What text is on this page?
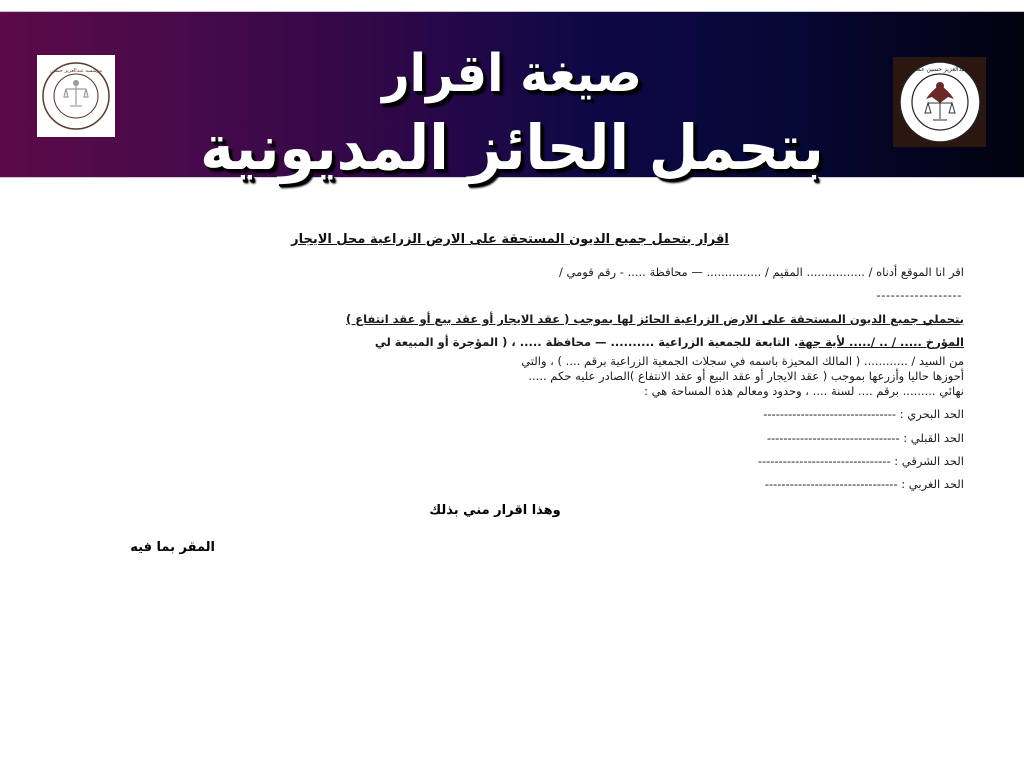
مؤسسة عبدالعزيز حسين	صيغة اقرار
بتحمل الحائز المديونية
عبدالعزيز حسين عمار
اقرار بتحمل جميع الديون المستحقة على الارض الزراعية محل الايجار
اقر انا الموقع أدناه / ................ المقيم / ............... — محافظة ..... - رقم قومي /
------------------
بتحملي جميع الديون المستحقة على الارض الزراعية الحائز لها بموجب ( عقد الايجار أو عقد بيع أو عقد انتفاع )
المؤرخ ..... / .. /..... لأية جهة. التابعة للجمعية الزراعية .......... — محافظة ..... ، ( المؤجرة أو المبيعة لي
من السيد / ............ ( المالك المحيزة باسمه في سجلات الجمعية الزراعية برقم .... ) ، والتي
أحوزها حاليا وأزرعها بموجب ( عقد الايجار أو عقد البيع أو عقد الانتفاع )الصادر عليه حكم .....
نهائي ......... برقم .... لسنة .... ، وحدود ومعالم هذه المساحة هي :
الحد البحري : --------------------------------
الحد القبلي : --------------------------------
الحد الشرقي : --------------------------------
الحد الغربي : --------------------------------
وهذا اقرار مني بذلك
المقر بما فيه
